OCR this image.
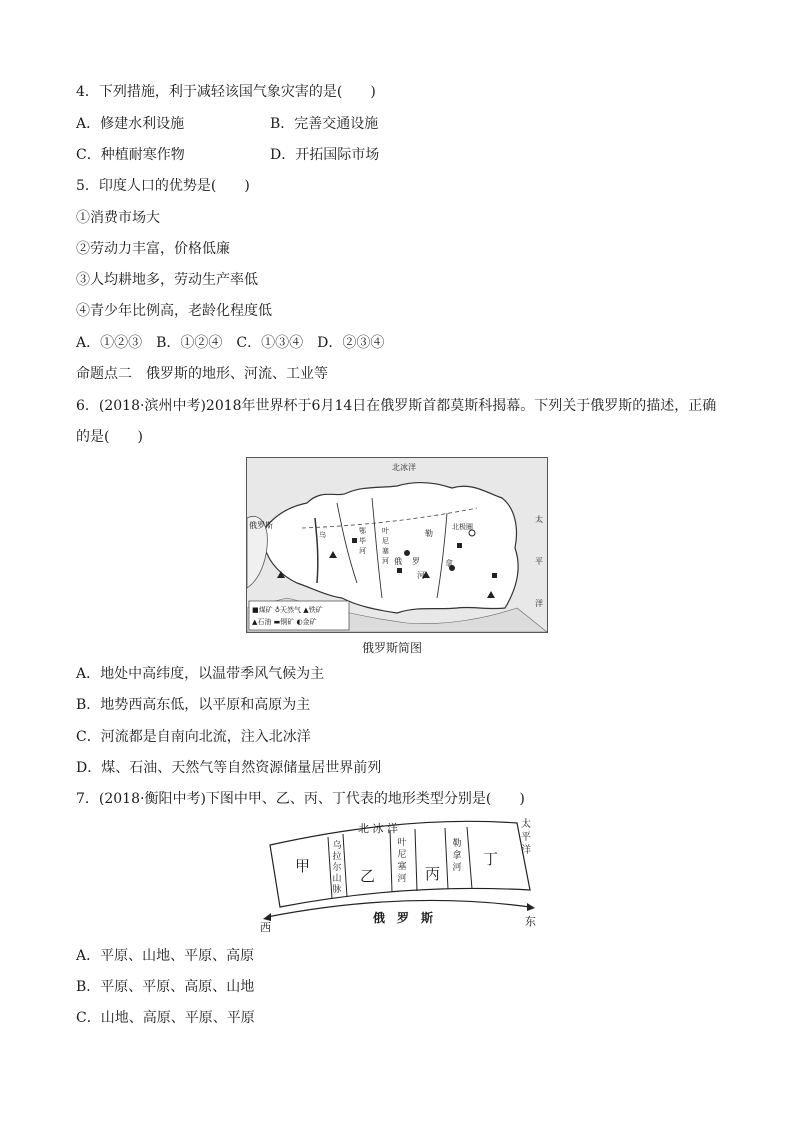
4．下列措施，利于减轻该国气象灾害的是(　　)
A．修建水利设施	B．完善交通设施
C．种植耐寒作物	D．开拓国际市场
5．印度人口的优势是(　　)
①消费市场大
②劳动力丰富，价格低廉
③人均耕地多，劳动生产率低
④青少年比例高，老龄化程度低
A．①②③　B．①②④　C．①③④　D．②③④
命题点二　俄罗斯的地形、河流、工业等
6．(2018·滨州中考)2018年世界杯于6月14日在俄罗斯首都莫斯科揭幕。下列关于俄罗斯的描述，正确
的是(　　)
北冰洋
北极圈
俄罗斯
太
平
洋
勒
拿
俄 罗
河
鄂
毕
河
叶
尼
塞
河
乌
■煤矿 ♁天然气 ▲铁矿
▲石油 ▬铜矿 ◐金矿
俄罗斯简图
A．地处中高纬度，以温带季风气候为主
B．地势西高东低，以平原和高原为主
C．河流都是自南向北流，注入北冰洋
D．煤、石油、天然气等自然资源储量居世界前列
7．(2018·衡阳中考)下图中甲、乙、丙、丁代表的地形类型分别是(　　)
北 冰 洋	太
平
洋
甲
乙	丙
丁
乌
拉
尔
山
脉
叶
尼
塞
河
勒
拿
河
西	东
俄　罗　斯
A．平原、山地、平原、高原
B．平原、平原、高原、山地
C．山地、高原、平原、平原
